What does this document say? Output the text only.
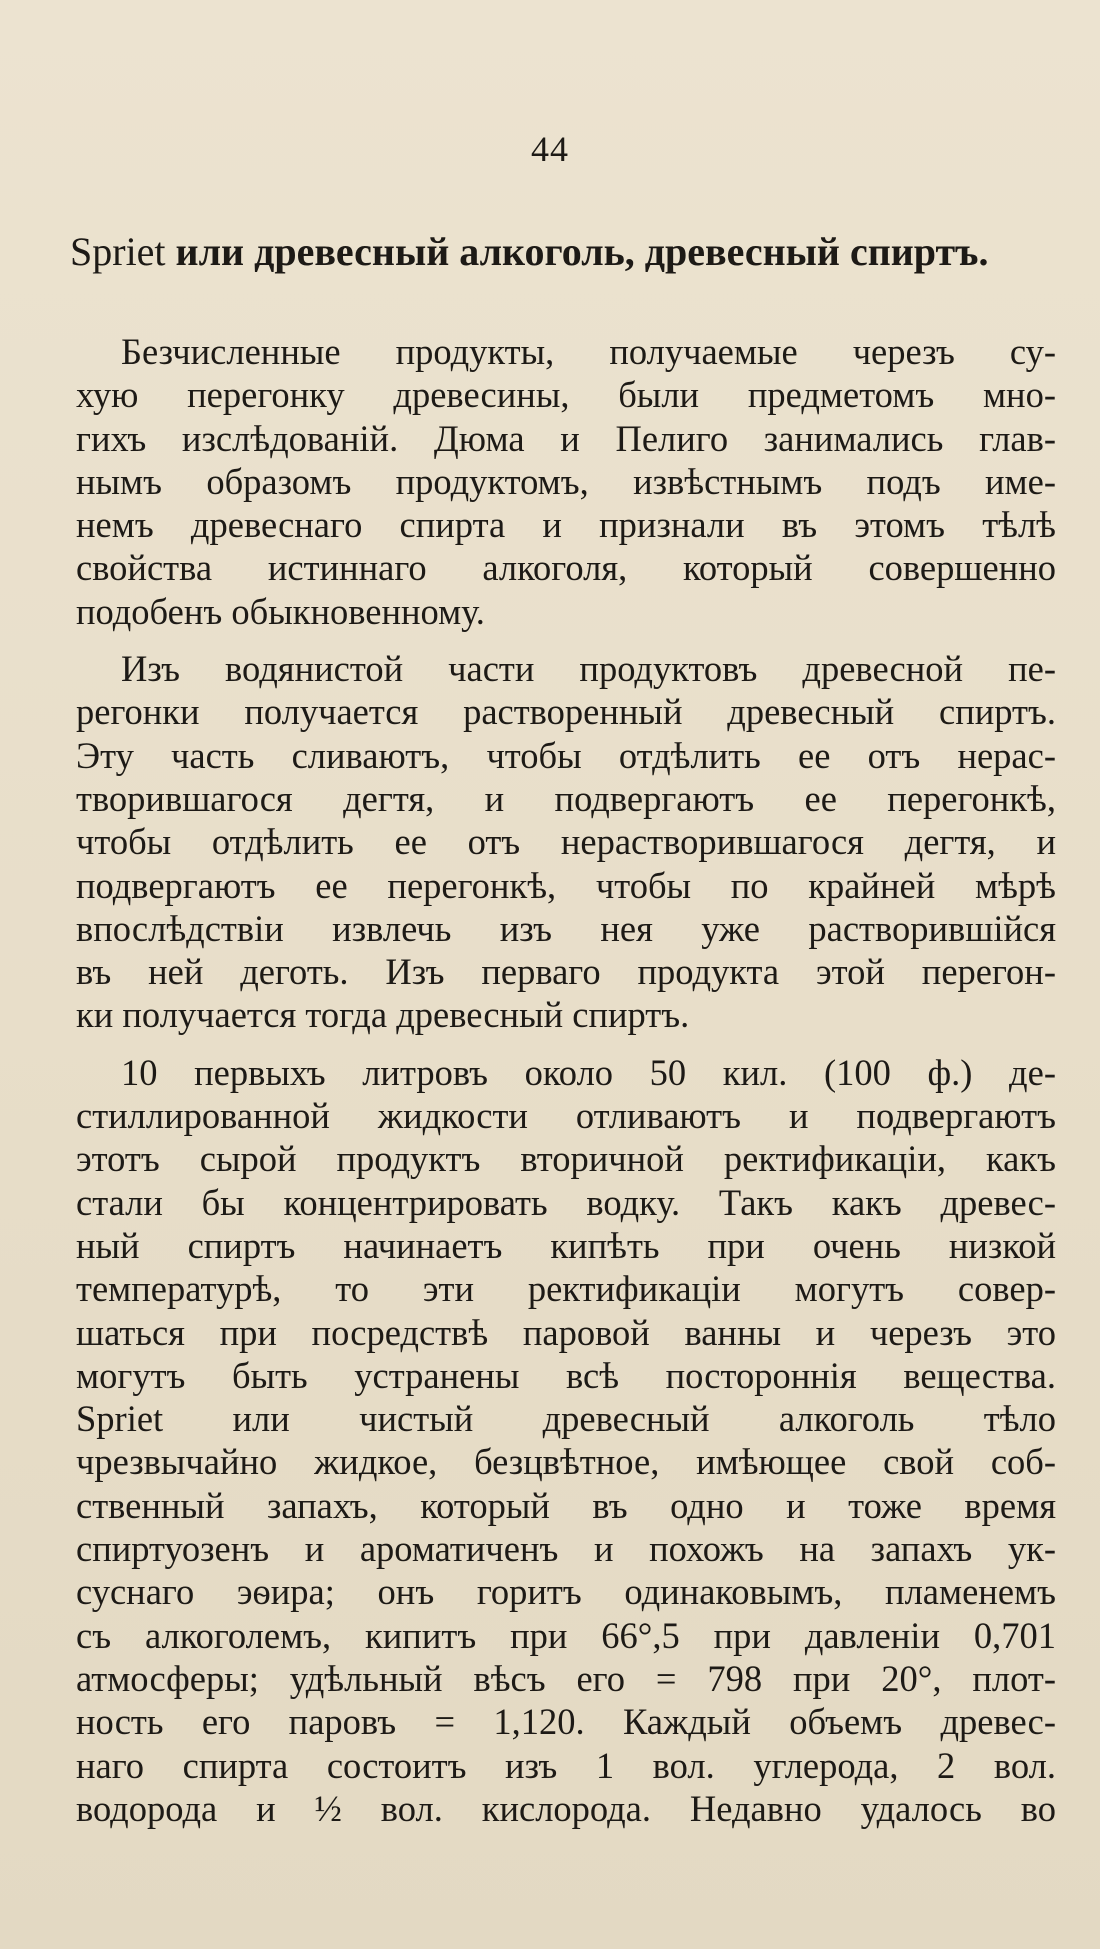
44
Spriet или древесный алкоголь, древесный спиртъ.
Безчисленные продукты, получаемые черезъ су-
хую перегонку древесины, были предметомъ мно-
гихъ изслѣдованій. Дюма и Пелиго занимались глав-
нымъ образомъ продуктомъ, извѣстнымъ подъ име-
немъ древеснаго спирта и признали въ этомъ тѣлѣ
свойства истиннаго алкоголя, который совершенно
подобенъ обыкновенному.
Изъ водянистой части продуктовъ древесной пе-
регонки получается растворенный древесный спиртъ.
Эту часть сливаютъ, чтобы отдѣлить ее отъ нерас-
творившагося дегтя, и подвергаютъ ее перегонкѣ,
чтобы отдѣлить ее отъ нерастворившагося дегтя, и
подвергаютъ ее перегонкѣ, чтобы по крайней мѣрѣ
впослѣдствіи извлечь изъ нея уже растворившійся
въ ней деготь. Изъ перваго продукта этой перегон-
ки получается тогда древесный спиртъ.
10 первыхъ литровъ около 50 кил. (100 ф.) де-
стиллированной жидкости отливаютъ и подвергаютъ
этотъ сырой продуктъ вторичной ректификаціи, какъ
стали бы концентрировать водку. Такъ какъ древес-
ный спиртъ начинаетъ кипѣть при очень низкой
температурѣ, то эти ректификаціи могутъ совер-
шаться при посредствѣ паровой ванны и черезъ это
могутъ быть устранены всѣ постороннія вещества.
Spriet или чистый древесный алкоголь тѣло
чрезвычайно жидкое, безцвѣтное, имѣющее свой соб-
ственный запахъ, который въ одно и тоже время
спиртуозенъ и ароматиченъ и похожъ на запахъ ук-
суснаго эѳира; онъ горитъ одинаковымъ, пламенемъ
съ алкоголемъ, кипитъ при 66°,5 при давленіи 0,701
атмосферы; удѣльный вѣсъ его = 798 при 20°, плот-
ность его паровъ = 1,120. Каждый объемъ древес-
наго спирта состоитъ изъ 1 вол. углерода, 2 вол.
водорода и ½ вол. кислорода. Недавно удалось во
